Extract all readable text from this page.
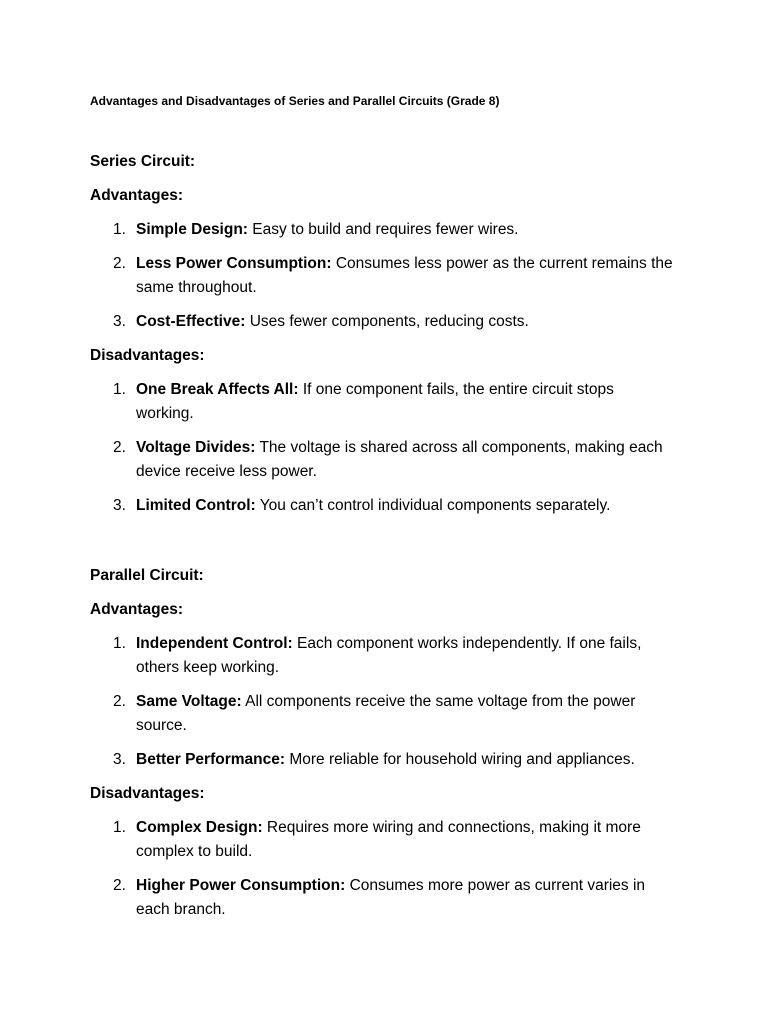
Advantages and Disadvantages of Series and Parallel Circuits (Grade 8)

Series Circuit:

Advantages:

1. Simple Design: Easy to build and requires fewer wires.
2. Less Power Consumption: Consumes less power as the current remains the same throughout.
3. Cost-Effective: Uses fewer components, reducing costs.

Disadvantages:

1. One Break Affects All: If one component fails, the entire circuit stops working.
2. Voltage Divides: The voltage is shared across all components, making each device receive less power.
3. Limited Control: You can’t control individual components separately.

Parallel Circuit:

Advantages:

1. Independent Control: Each component works independently. If one fails, others keep working.
2. Same Voltage: All components receive the same voltage from the power source.
3. Better Performance: More reliable for household wiring and appliances.

Disadvantages:

1. Complex Design: Requires more wiring and connections, making it more complex to build.
2. Higher Power Consumption: Consumes more power as current varies in each branch.
